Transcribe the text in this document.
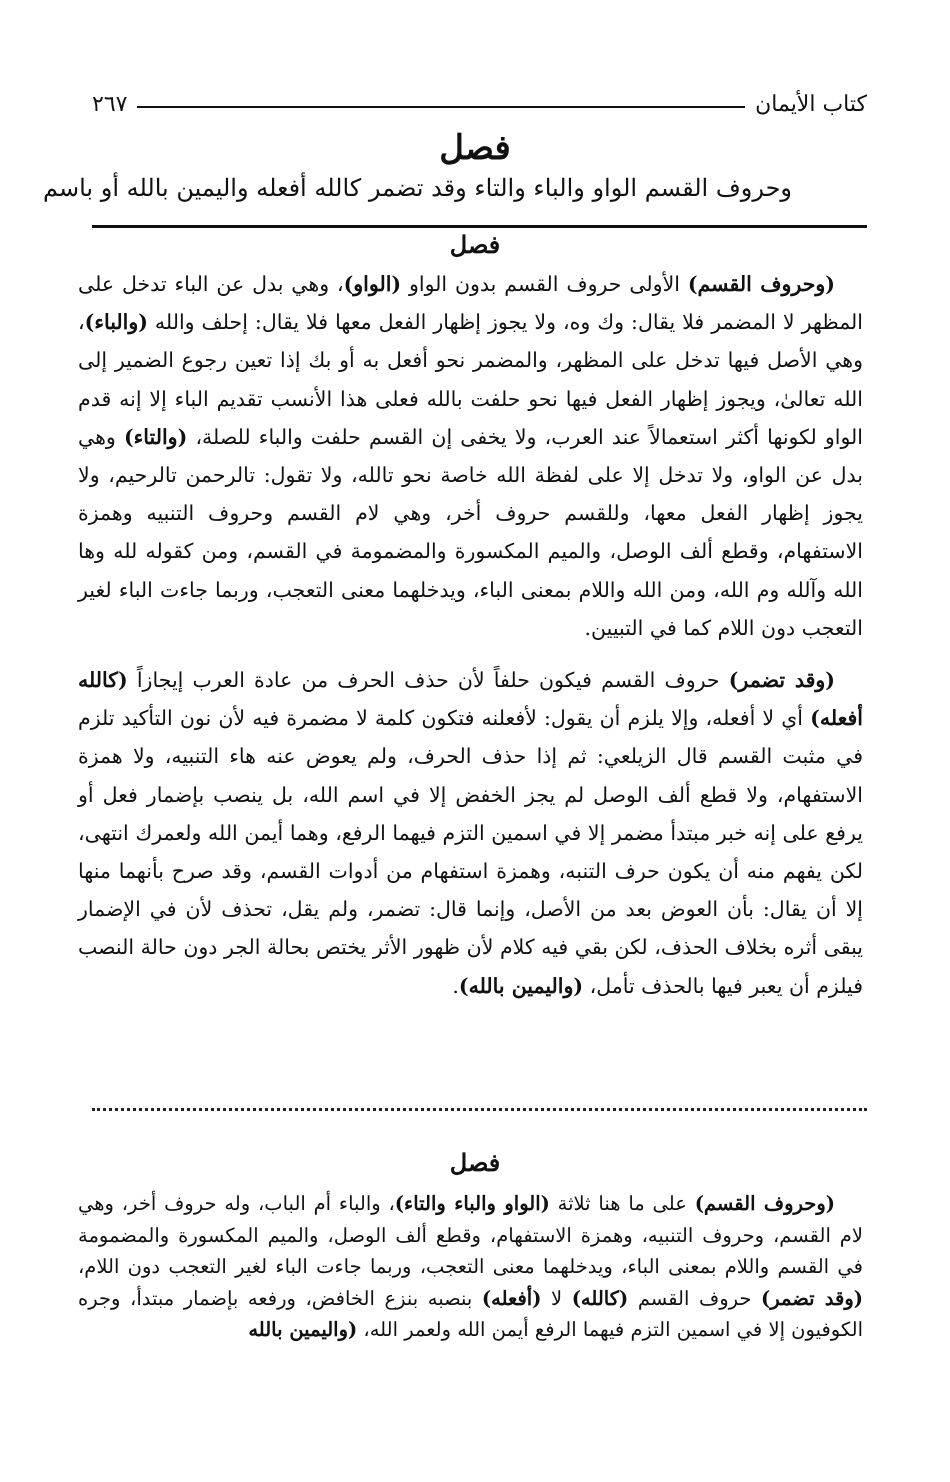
كتاب الأيمان
٢٦٧
فصل
وحروف القسم الواو والباء والتاء وقد تضمر كالله أفعله واليمين بالله أو باسم
فصل

(وحروف القسم) الأولى حروف القسم بدون الواو (الواو)، وهي بدل عن الباء تدخل على المظهر لا المضمر فلا يقال: وك وه، ولا يجوز إظهار الفعل معها فلا يقال: إحلف والله (والباء)، وهي الأصل فيها تدخل على المظهر، والمضمر نحو أفعل به أو بك إذا تعين رجوع الضمير إلى الله تعالىٰ، ويجوز إظهار الفعل فيها نحو حلفت بالله فعلى هذا الأنسب تقديم الباء إلا إنه قدم الواو لكونها أكثر استعمالاً عند العرب، ولا يخفى إن القسم حلفت والباء للصلة، (والتاء) وهي بدل عن الواو، ولا تدخل إلا على لفظة الله خاصة نحو تالله، ولا تقول: تالرحمن تالرحيم، ولا يجوز إظهار الفعل معها، وللقسم حروف أخر، وهي لام القسم وحروف التنبيه وهمزة الاستفهام، وقطع ألف الوصل، والميم المكسورة والمضمومة في القسم، ومن كقوله لله وها الله وآلله وم الله، ومن الله واللام بمعنى الباء، ويدخلهما معنى التعجب، وربما جاءت الباء لغير التعجب دون اللام كما في التبيين.

(وقد تضمر) حروف القسم فيكون حلفاً لأن حذف الحرف من عادة العرب إيجازاً (كالله أفعله) أي لا أفعله، وإلا يلزم أن يقول: لأفعلنه فتكون كلمة لا مضمرة فيه لأن نون التأكيد تلزم في مثبت القسم قال الزيلعي: ثم إذا حذف الحرف، ولم يعوض عنه هاء التنبيه، ولا همزة الاستفهام، ولا قطع ألف الوصل لم يجز الخفض إلا في اسم الله، بل ينصب بإضمار فعل أو يرفع على إنه خبر مبتدأ مضمر إلا في اسمين التزم فيهما الرفع، وهما أيمن الله ولعمرك انتهى، لكن يفهم منه أن يكون حرف التنبه، وهمزة استفهام من أدوات القسم، وقد صرح بأنهما منها إلا أن يقال: بأن العوض بعد من الأصل، وإنما قال: تضمر، ولم يقل، تحذف لأن في الإضمار يبقى أثره بخلاف الحذف، لكن بقي فيه كلام لأن ظهور الأثر يختص بحالة الجر دون حالة النصب فيلزم أن يعبر فيها بالحذف تأمل، (واليمين بالله).

فصل

(وحروف القسم) على ما هنا ثلاثة (الواو والباء والتاء)، والباء أم الباب، وله حروف أخر، وهي لام القسم، وحروف التنبيه، وهمزة الاستفهام، وقطع ألف الوصل، والميم المكسورة والمضمومة في القسم واللام بمعنى الباء، ويدخلهما معنى التعجب، وربما جاءت الباء لغير التعجب دون اللام، (وقد تضمر) حروف القسم (كالله) لا (أفعله) بنصبه بنزع الخافض، ورفعه بإضمار مبتدأ، وجره الكوفيون إلا في اسمين التزم فيهما الرفع أيمن الله ولعمر الله، (واليمين بالله
